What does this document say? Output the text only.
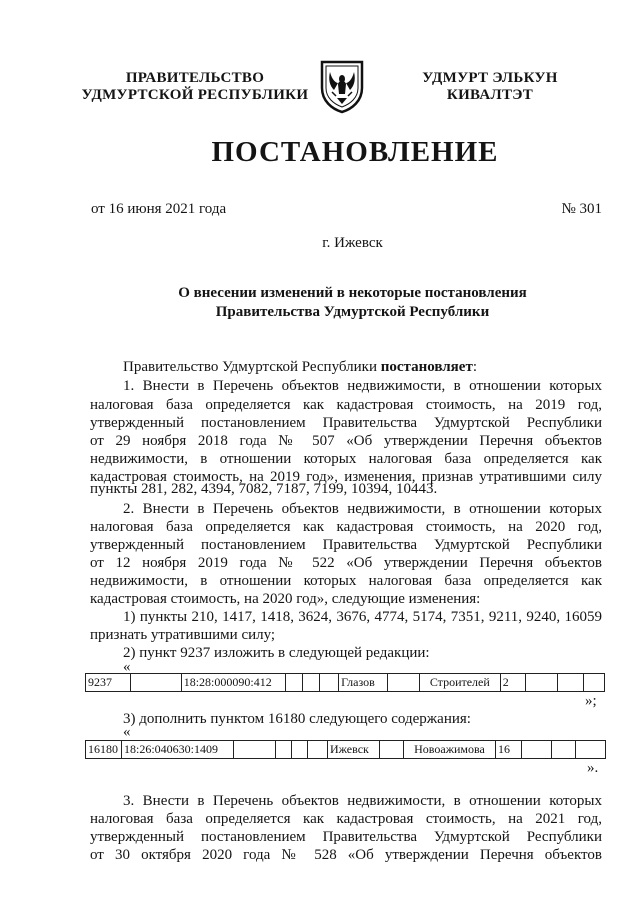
ПРАВИТЕЛЬСТВО
УДМУРТСКОЙ РЕСПУБЛИКИ
УДМУРТ ЭЛЬКУН
КИВАЛТЭТ
ПОСТАНОВЛЕНИЕ
от 16 июня 2021 года	№ 301
г. Ижевск
О внесении изменений в некоторые постановления
Правительства Удмуртской Республики
Правительство Удмуртской Республики постановляет:
1. Внести в Перечень объектов недвижимости, в отношении которых
налоговая база определяется как кадастровая стоимость, на 2019 год,
утвержденный постановлением Правительства Удмуртской Республики
от 29 ноября 2018 года № 507 «Об утверждении Перечня объектов
недвижимости, в отношении которых налоговая база определяется как
кадастровая стоимость, на 2019 год», изменения, признав утратившими силу
пункты 281, 282, 4394, 7082, 7187, 7199, 10394, 10443.
2. Внести в Перечень объектов недвижимости, в отношении которых
налоговая база определяется как кадастровая стоимость, на 2020 год,
утвержденный постановлением Правительства Удмуртской Республики
от 12 ноября 2019 года № 522 «Об утверждении Перечня объектов
недвижимости, в отношении которых налоговая база определяется как
кадастровая стоимость, на 2020 год», следующие изменения:
1) пункты 210, 1417, 1418, 3624, 3676, 4774, 5174, 7351, 9211, 9240, 16059
признать утратившими силу;
2) пункт 9237 изложить в следующей редакции:
«
9237		18:28:000090:412				Глазов		Строителей	2			
»;
3) дополнить пунктом 16180 следующего содержания:
«
16180	18:26:040630:1409					Ижевск		Новоажимова	16			
».
3. Внести в Перечень объектов недвижимости, в отношении которых
налоговая база определяется как кадастровая стоимость, на 2021 год,
утвержденный постановлением Правительства Удмуртской Республики
от 30 октября 2020 года № 528 «Об утверждении Перечня объектов
